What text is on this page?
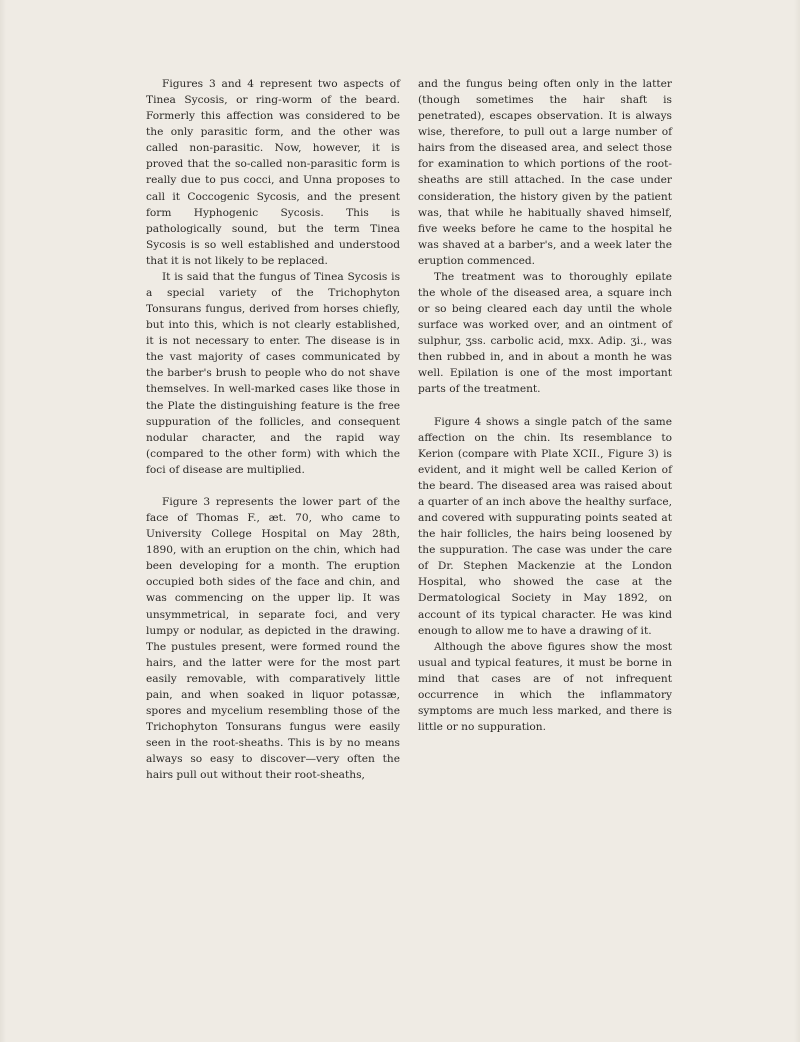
Figures 3 and 4 represent two aspects of Tinea Sycosis, or ring-worm of the beard. Formerly this affection was considered to be the only parasitic form, and the other was called non-parasitic. Now, however, it is proved that the so-called non-parasitic form is really due to pus cocci, and Unna proposes to call it Coccogenic Sycosis, and the present form Hyphogenic Sycosis. This is pathologically sound, but the term Tinea Sycosis is so well established and understood that it is not likely to be replaced.

It is said that the fungus of Tinea Sycosis is a special variety of the Trichophyton Tonsurans fungus, derived from horses chiefly, but into this, which is not clearly established, it is not necessary to enter. The disease is in the vast majority of cases communicated by the barber's brush to people who do not shave themselves. In well-marked cases like those in the Plate the distinguishing feature is the free suppuration of the follicles, and consequent nodular character, and the rapid way (compared to the other form) with which the foci of disease are multiplied.

Figure 3 represents the lower part of the face of Thomas F., æt. 70, who came to University College Hospital on May 28th, 1890, with an eruption on the chin, which had been developing for a month. The eruption occupied both sides of the face and chin, and was commencing on the upper lip. It was unsymmetrical, in separate foci, and very lumpy or nodular, as depicted in the drawing. The pustules present, were formed round the hairs, and the latter were for the most part easily removable, with comparatively little pain, and when soaked in liquor potassæ, spores and mycelium resembling those of the Trichophyton Tonsurans fungus were easily seen in the root-sheaths. This is by no means always so easy to discover—very often the hairs pull out without their root-sheaths,

and the fungus being often only in the latter (though sometimes the hair shaft is penetrated), escapes observation. It is always wise, therefore, to pull out a large number of hairs from the diseased area, and select those for examination to which portions of the root-sheaths are still attached. In the case under consideration, the history given by the patient was, that while he habitually shaved himself, five weeks before he came to the hospital he was shaved at a barber's, and a week later the eruption commenced.

The treatment was to thoroughly epilate the whole of the diseased area, a square inch or so being cleared each day until the whole surface was worked over, and an ointment of sulphur, ʒss. carbolic acid, mxx. Adip. ʒi., was then rubbed in, and in about a month he was well. Epilation is one of the most important parts of the treatment.

Figure 4 shows a single patch of the same affection on the chin. Its resemblance to Kerion (compare with Plate XCII., Figure 3) is evident, and it might well be called Kerion of the beard. The diseased area was raised about a quarter of an inch above the healthy surface, and covered with suppurating points seated at the hair follicles, the hairs being loosened by the suppuration. The case was under the care of Dr. Stephen Mackenzie at the London Hospital, who showed the case at the Dermatological Society in May 1892, on account of its typical character. He was kind enough to allow me to have a drawing of it.

Although the above figures show the most usual and typical features, it must be borne in mind that cases are of not infrequent occurrence in which the inflammatory symptoms are much less marked, and there is little or no suppuration.
